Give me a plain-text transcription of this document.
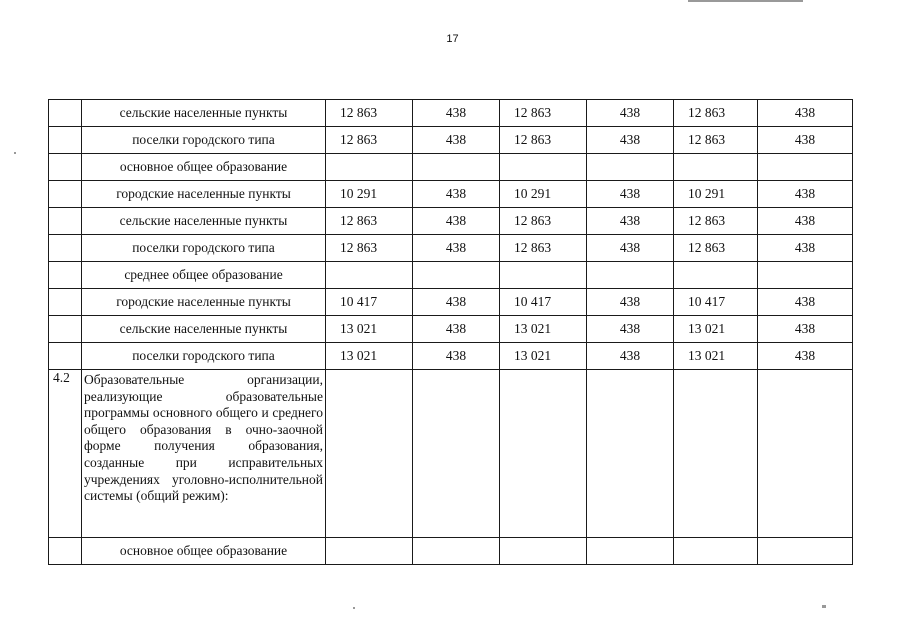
17
	сельские населенные пункты	12 863	438	12 863	438	12 863	438
	поселки городского типа	12 863	438	12 863	438	12 863	438
	основное общее образование						
	городские населенные пункты	10 291	438	10 291	438	10 291	438
	сельские населенные пункты	12 863	438	12 863	438	12 863	438
	поселки городского типа	12 863	438	12 863	438	12 863	438
	среднее общее образование						
	городские населенные пункты	10 417	438	10 417	438	10 417	438
	сельские населенные пункты	13 021	438	13 021	438	13 021	438
	поселки городского типа	13 021	438	13 021	438	13 021	438
4.2	Образовательные организации, реализующие образовательные программы основного общего и среднего общего образования в очно-заочной форме получения образования, созданные при исправительных учреждениях уголовно-исполнительной системы (общий режим):						
	основное общее образование						
